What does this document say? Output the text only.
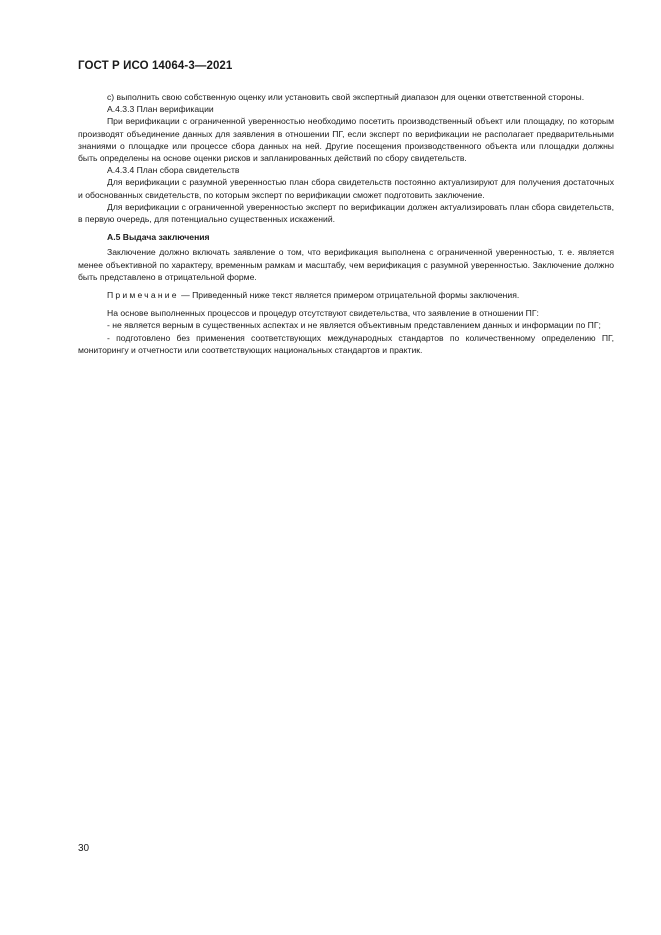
ГОСТ Р ИСО 14064-3—2021

c) выполнить свою собственную оценку или установить свой экспертный диапазон для оценки ответственной стороны.

А.4.3.3 План верификации

При верификации с ограниченной уверенностью необходимо посетить производственный объект или площадку, по которым производят объединение данных для заявления в отношении ПГ, если эксперт по верификации не располагает предварительными знаниями о площадке или процессе сбора данных на ней. Другие посещения производственного объекта или площадки должны быть определены на основе оценки рисков и запланированных действий по сбору свидетельств.

А.4.3.4 План сбора свидетельств

Для верификации с разумной уверенностью план сбора свидетельств постоянно актуализируют для получения достаточных и обоснованных свидетельств, по которым эксперт по верификации сможет подготовить заключение.

Для верификации с ограниченной уверенностью эксперт по верификации должен актуализировать план сбора свидетельств, в первую очередь, для потенциально существенных искажений.

А.5 Выдача заключения

Заключение должно включать заявление о том, что верификация выполнена с ограниченной уверенностью, т. е. является менее объективной по характеру, временным рамкам и масштабу, чем верификация с разумной уверенностью. Заключение должно быть представлено в отрицательной форме.

Примечание — Приведенный ниже текст является примером отрицательной формы заключения.

На основе выполненных процессов и процедур отсутствуют свидетельства, что заявление в отношении ПГ:

- не является верным в существенных аспектах и не является объективным представлением данных и информации по ПГ;

- подготовлено без применения соответствующих международных стандартов по количественному определению ПГ, мониторингу и отчетности или соответствующих национальных стандартов и практик.

30
